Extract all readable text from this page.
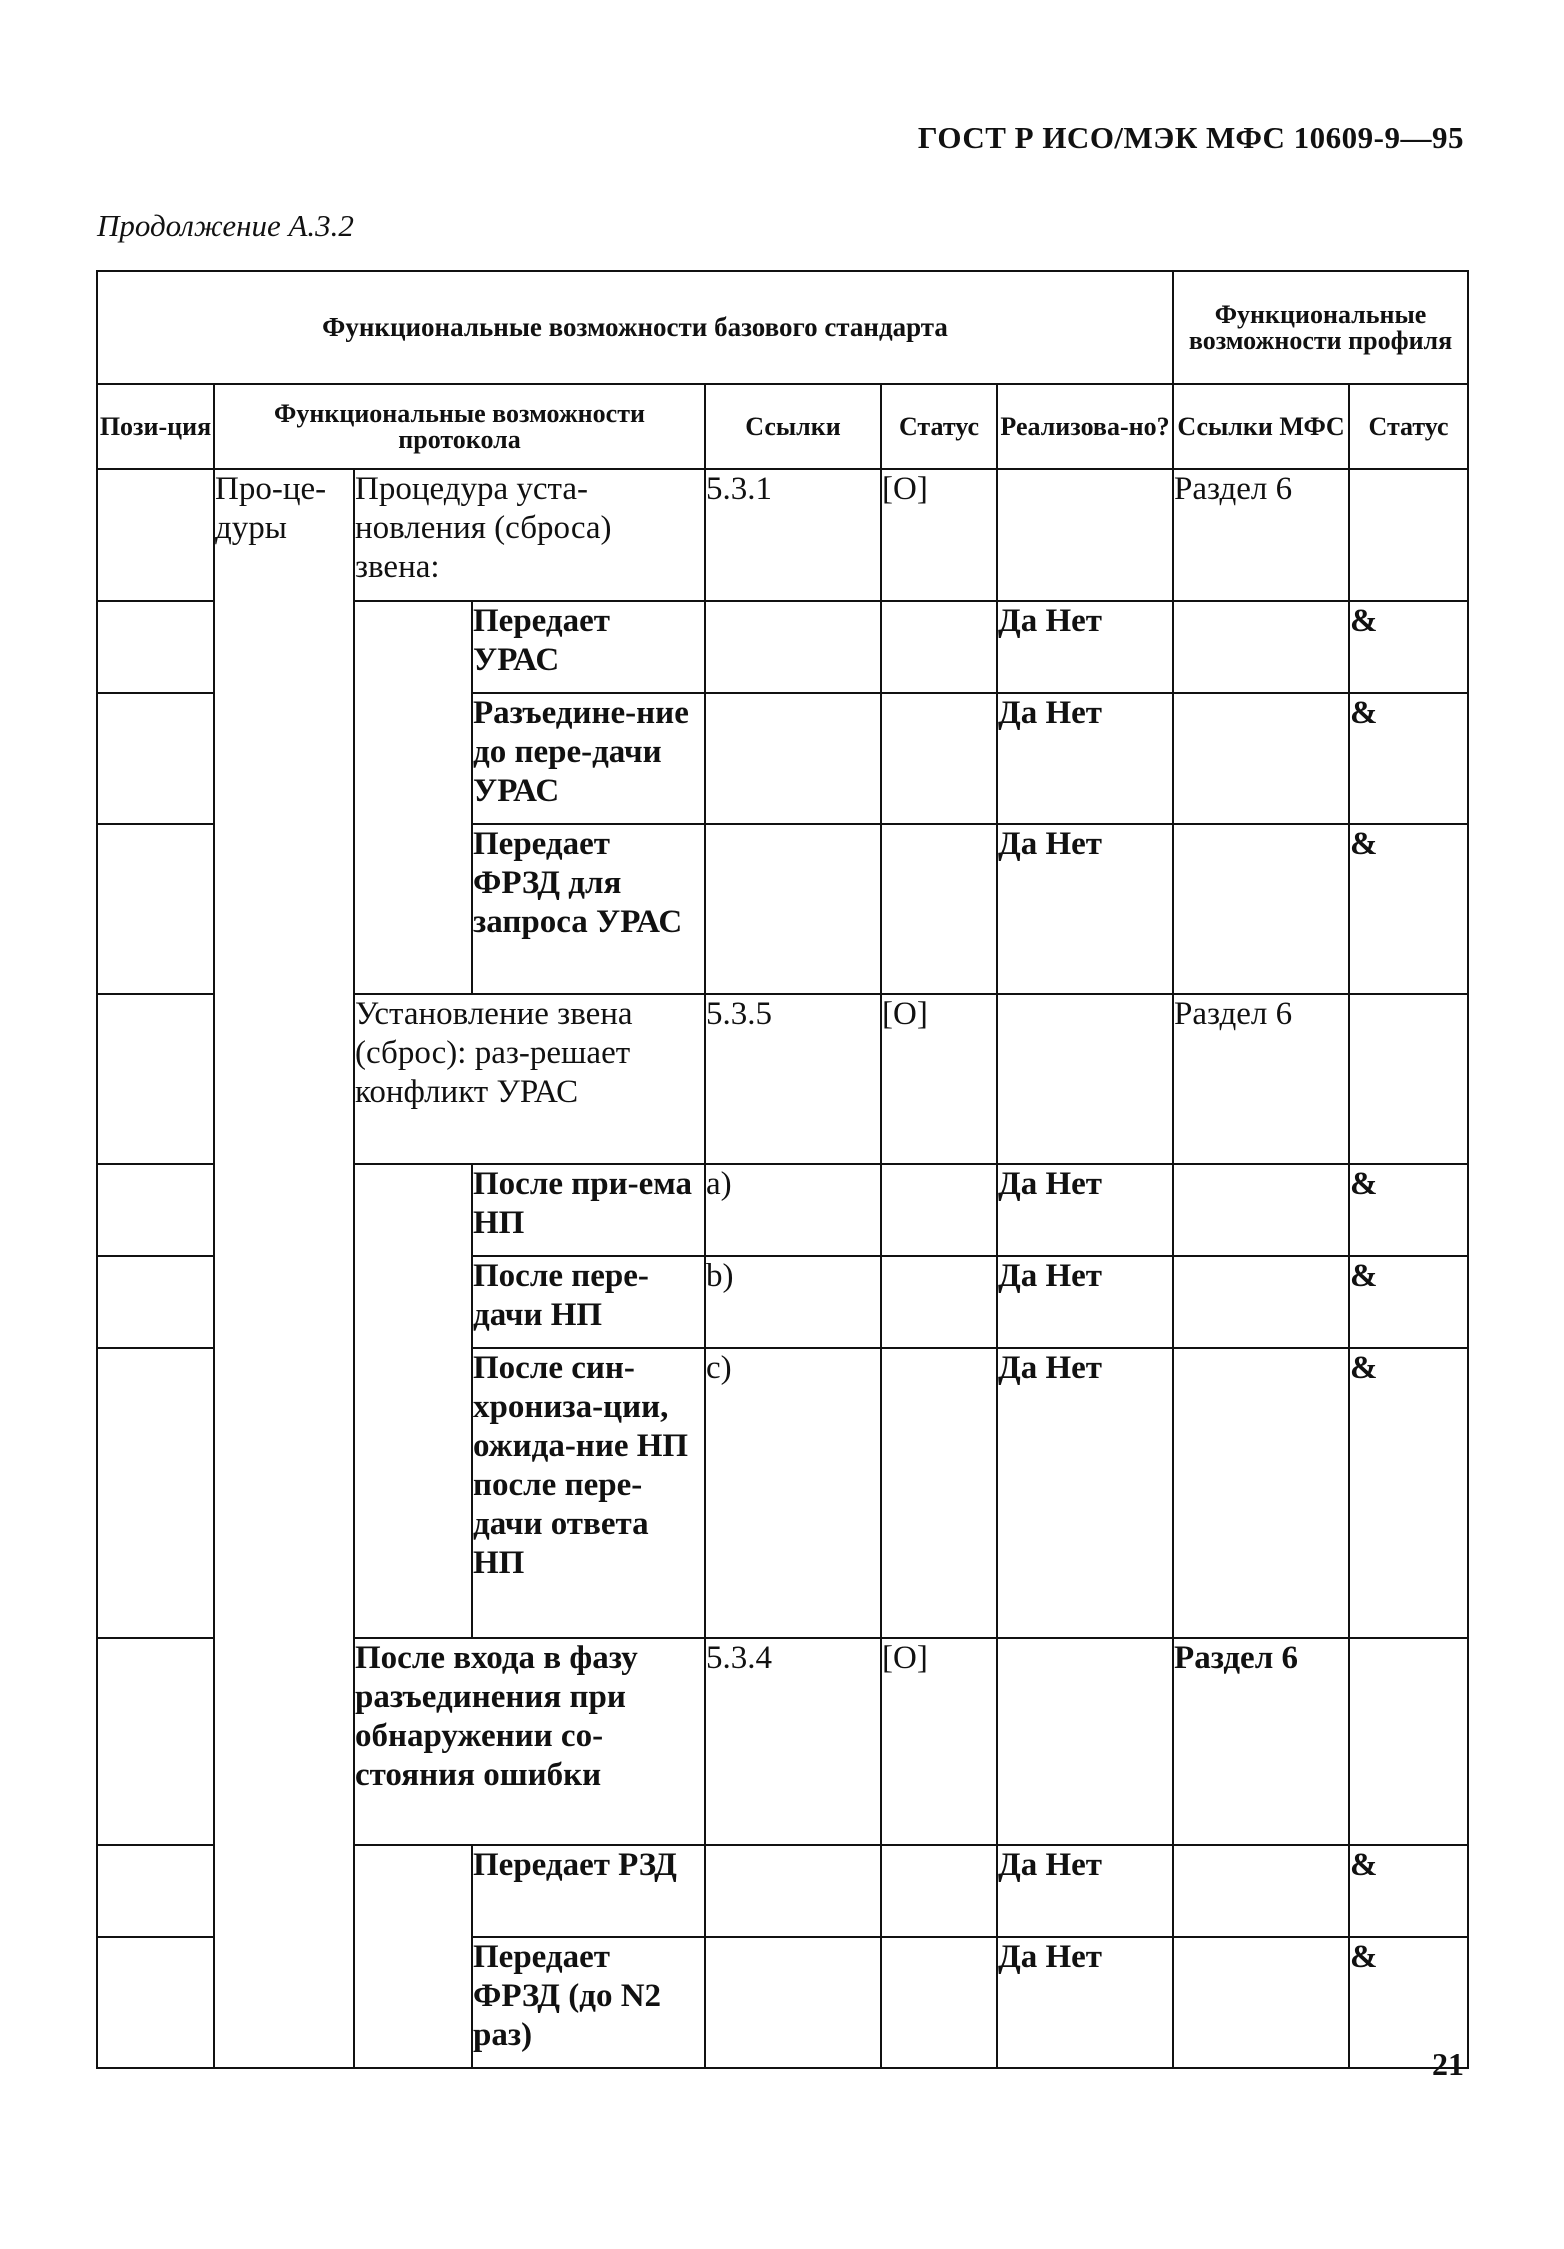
ГОСТ Р ИСО/МЭК МФС 10609-9—95
Продолжение А.3.2
Функциональные возможности базового стандарта							Функциональные возможности профиля	
Пози-ция	Функциональные возможности протокола			Ссылки	Статус	Реализова-но?	Ссылки МФС	Статус
	Про-це-дуры	Процедура уста-новления (сброса) звена:		5.3.1	[O]		Раздел 6	
			Передает УРАС			Да Нет		&
			Разъедине-ние до пере-дачи УРАС			Да Нет		&
			Передает ФРЗД для запроса УРАС			Да Нет		&
		Установление звена (сброс): раз-решает конфликт УРАС		5.3.5	[O]		Раздел 6	
			После при-ема НП	a)		Да Нет		&
			После пере-дачи НП	b)		Да Нет		&
			После син-хрониза-ции, ожида-ние НП после пере-дачи ответа НП	c)		Да Нет		&
		После входа в фазу разъединения при обнаружении со-стояния ошибки		5.3.4	[O]		Раздел 6	
			Передает РЗД			Да Нет		&
			Передает ФРЗД (до N2 раз)			Да Нет		&
21
